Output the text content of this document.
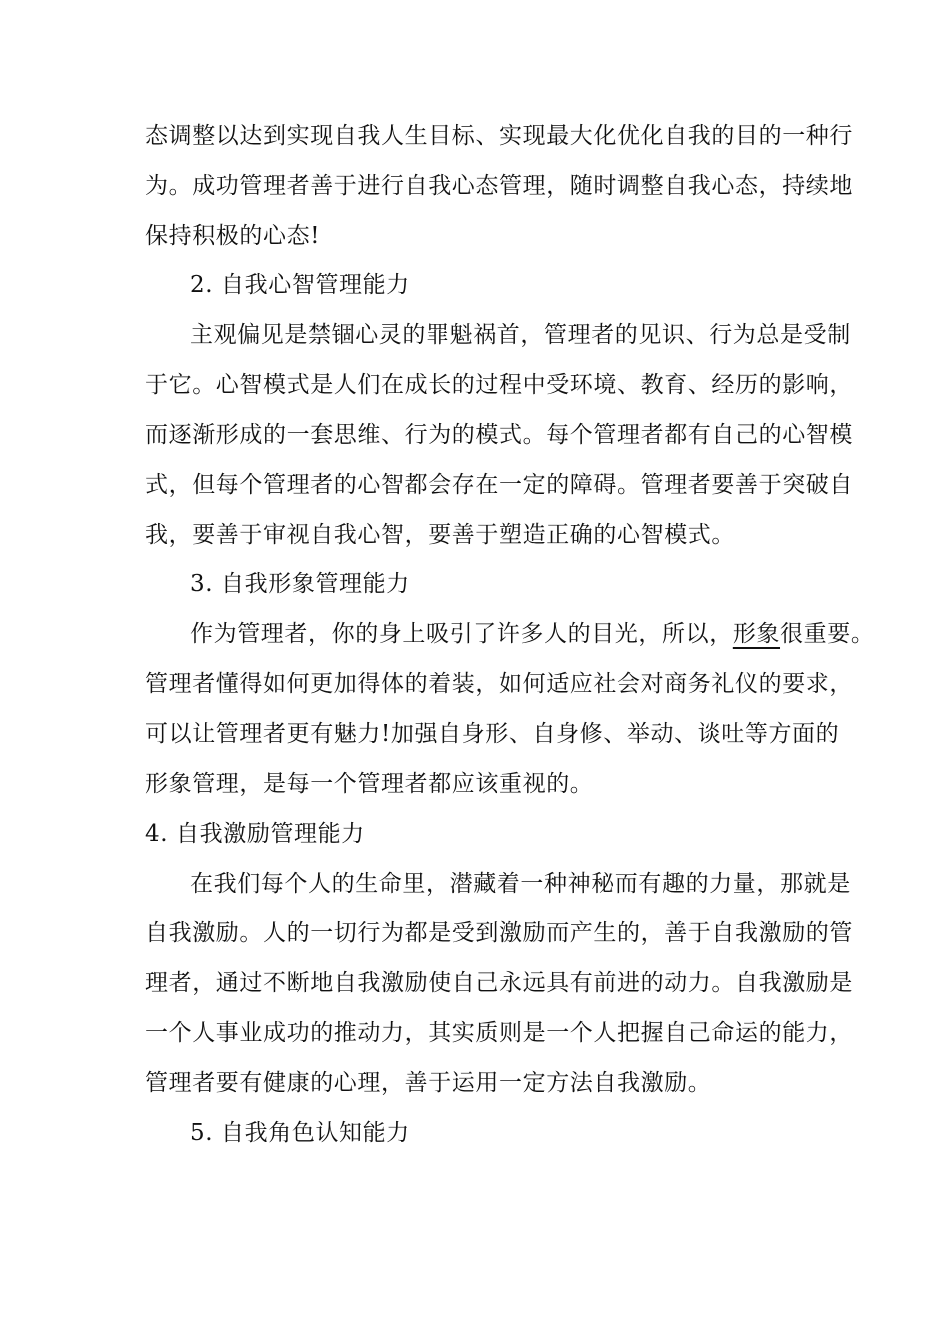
态调整以达到实现自我人生目标、实现最大化优化自我的目的一种行
为。成功管理者善于进行自我心态管理，随时调整自我心态，持续地
保持积极的心态!
2. 自我心智管理能力
主观偏见是禁锢心灵的罪魁祸首，管理者的见识、行为总是受制
于它。心智模式是人们在成长的过程中受环境、教育、经历的影响，
而逐渐形成的一套思维、行为的模式。每个管理者都有自己的心智模
式，但每个管理者的心智都会存在一定的障碍。管理者要善于突破自
我，要善于审视自我心智，要善于塑造正确的心智模式。
3. 自我形象管理能力
作为管理者，你的身上吸引了许多人的目光，所以，形象很重要。
管理者懂得如何更加得体的着装，如何适应社会对商务礼仪的要求，
可以让管理者更有魅力!加强自身形、自身修、举动、谈吐等方面的
形象管理，是每一个管理者都应该重视的。
4. 自我激励管理能力
在我们每个人的生命里，潜藏着一种神秘而有趣的力量，那就是
自我激励。人的一切行为都是受到激励而产生的，善于自我激励的管
理者，通过不断地自我激励使自己永远具有前进的动力。自我激励是
一个人事业成功的推动力，其实质则是一个人把握自己命运的能力，
管理者要有健康的心理，善于运用一定方法自我激励。
5. 自我角色认知能力
